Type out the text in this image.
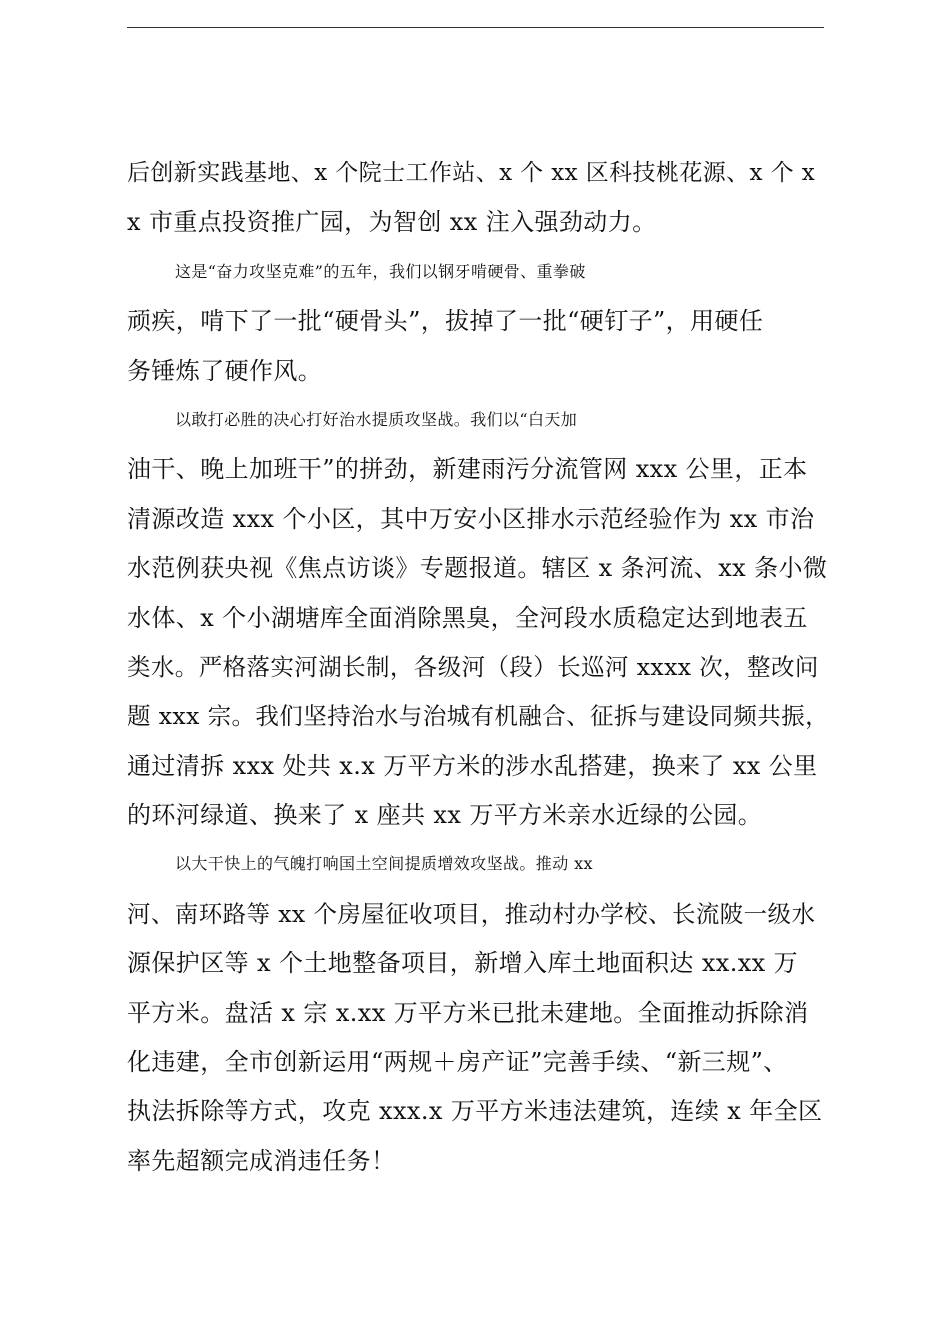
后创新实践基地、x 个院士工作站、x 个 xx 区科技桃花源、x 个 x
x 市重点投资推广园，为智创 xx 注入强劲动力。
这是“奋力攻坚克难”的五年，我们以钢牙啃硬骨、重拳破
顽疾，啃下了一批“硬骨头”，拔掉了一批“硬钉子”，用硬任
务锤炼了硬作风。
以敢打必胜的决心打好治水提质攻坚战。我们以“白天加
油干、晚上加班干”的拼劲，新建雨污分流管网 xxx 公里，正本
清源改造 xxx 个小区，其中万安小区排水示范经验作为 xx 市治
水范例获央视《焦点访谈》专题报道。辖区 x 条河流、xx 条小微
水体、x 个小湖塘库全面消除黑臭，全河段水质稳定达到地表五
类水。严格落实河湖长制，各级河（段）长巡河 xxxx 次，整改问
题 xxx 宗。我们坚持治水与治城有机融合、征拆与建设同频共振，
通过清拆 xxx 处共 x.x 万平方米的涉水乱搭建，换来了 xx 公里
的环河绿道、换来了 x 座共 xx 万平方米亲水近绿的公园。
以大干快上的气魄打响国土空间提质增效攻坚战。推动 xx
河、南环路等 xx 个房屋征收项目，推动村办学校、长流陂一级水
源保护区等 x 个土地整备项目，新增入库土地面积达 xx.xx 万
平方米。盘活 x 宗 x.xx 万平方米已批未建地。全面推动拆除消
化违建，全市创新运用“两规＋房产证”完善手续、“新三规”、
执法拆除等方式，攻克 xxx.x 万平方米违法建筑，连续 x 年全区
率先超额完成消违任务！
